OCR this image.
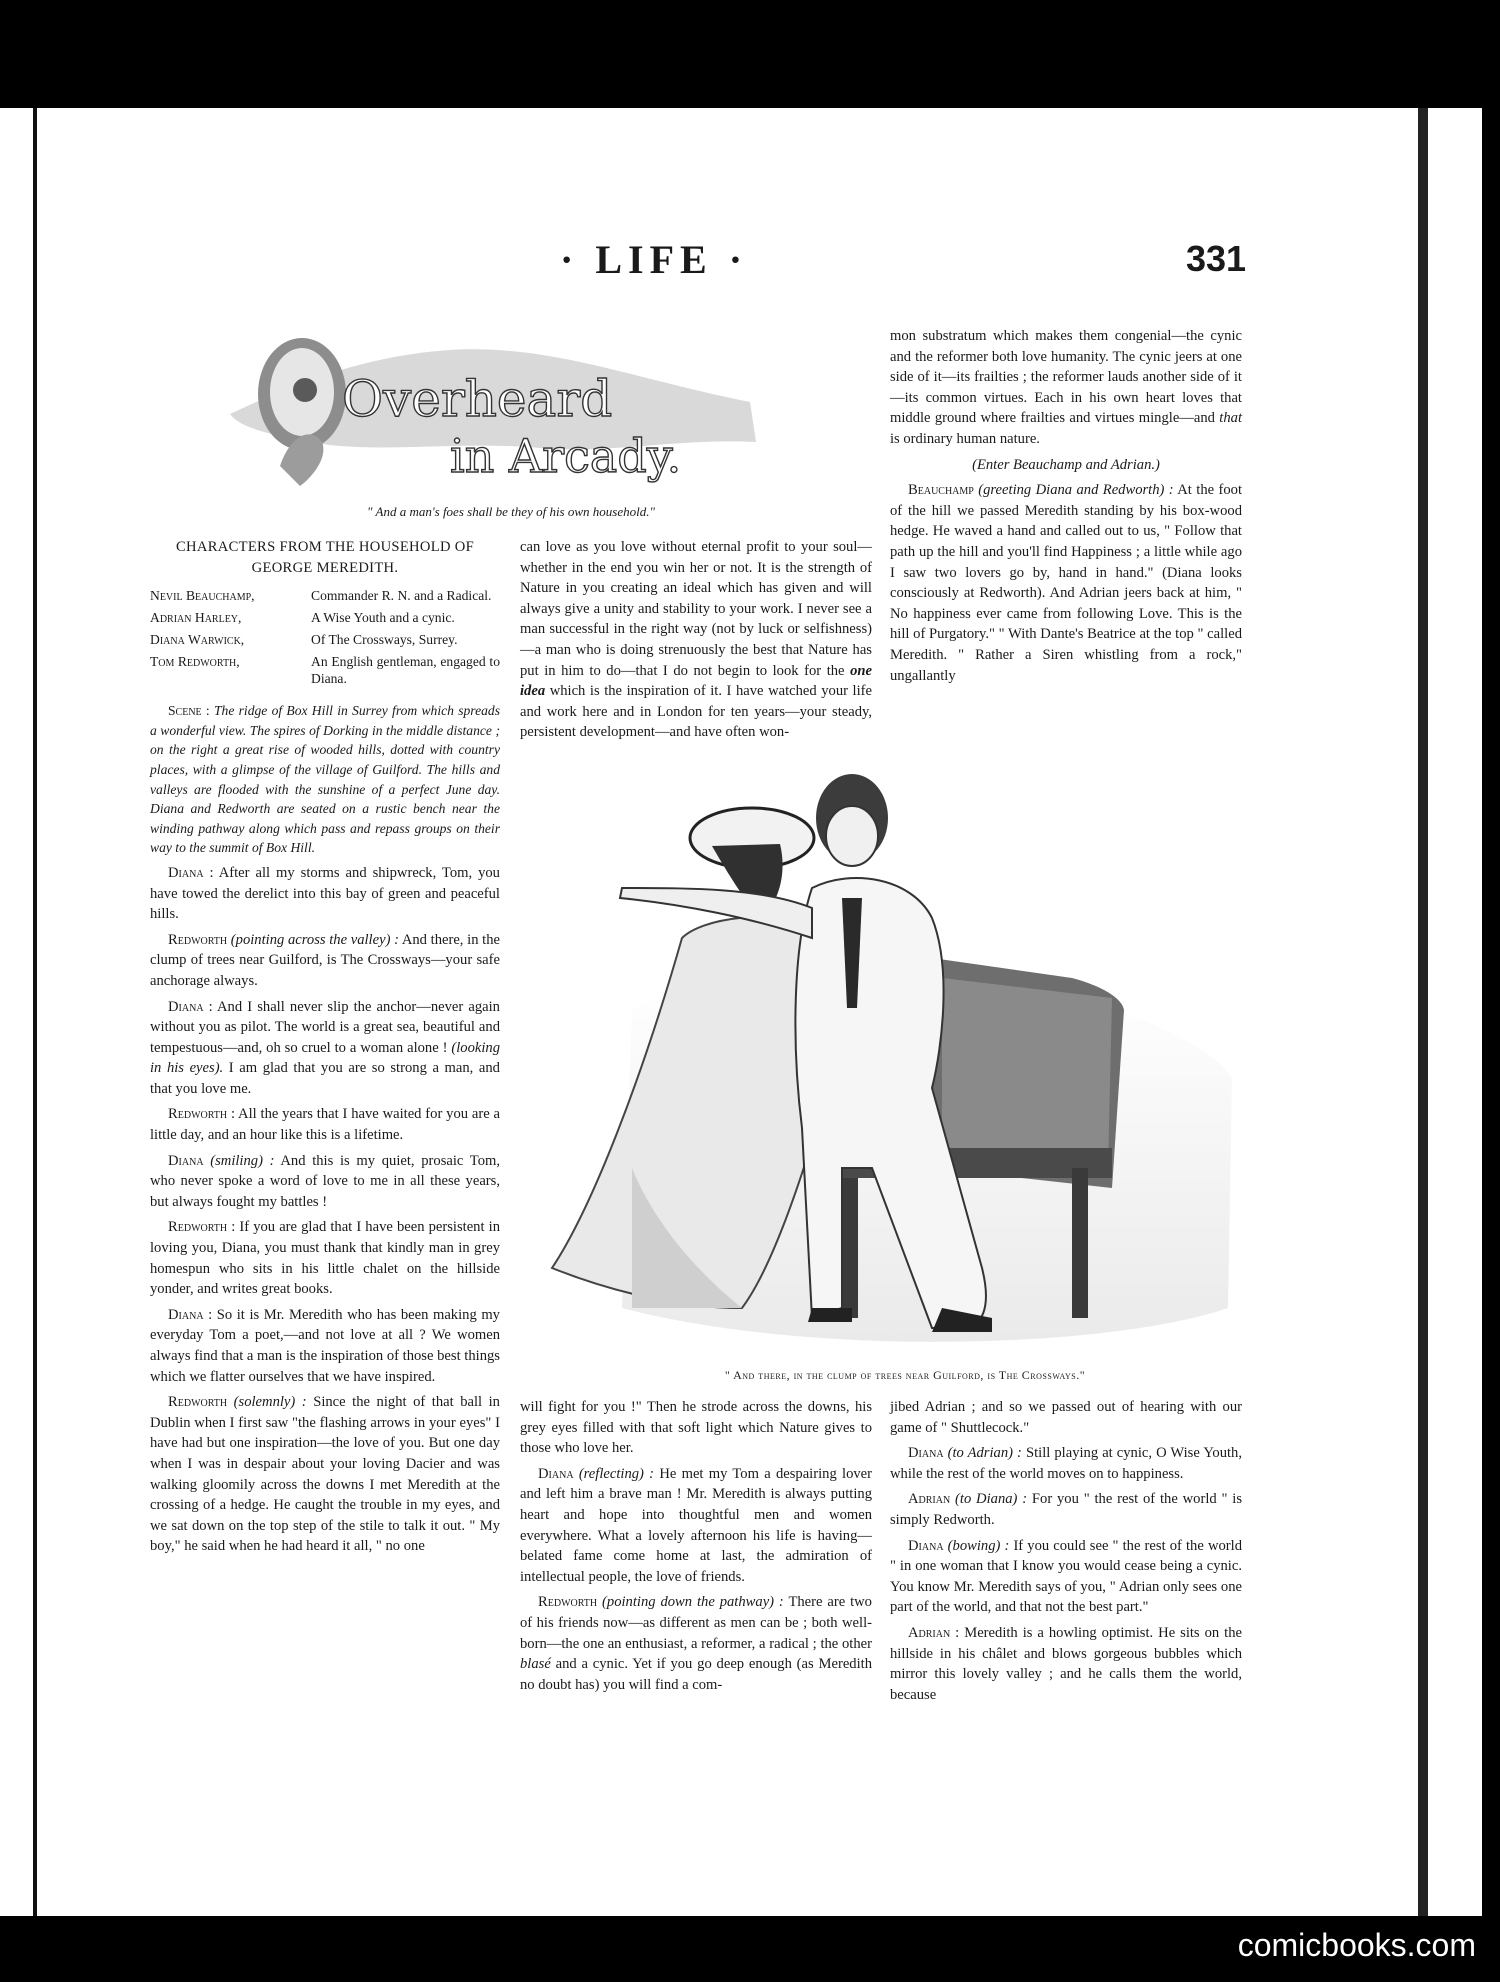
· LIFE ·	331
Overheard
in Arcady.
" And a man's foes shall be they of his own household."
CHARACTERS FROM THE HOUSEHOLD OF GEORGE MEREDITH.
Nevil Beauchamp,	Commander R. N. and a Radical.
Adrian Harley,	A Wise Youth and a cynic.
Diana Warwick,	Of The Crossways, Surrey.
Tom Redworth,	An English gentleman, engaged to Diana.

Scene : The ridge of Box Hill in Surrey from which spreads a wonderful view. The spires of Dorking in the middle distance ; on the right a great rise of wooded hills, dotted with country places, with a glimpse of the village of Guilford. The hills and valleys are flooded with the sunshine of a perfect June day. Diana and Redworth are seated on a rustic bench near the winding pathway along which pass and repass groups on their way to the summit of Box Hill.

Diana : After all my storms and shipwreck, Tom, you have towed the derelict into this bay of green and peaceful hills.

Redworth (pointing across the valley) : And there, in the clump of trees near Guilford, is The Crossways—your safe anchorage always.

Diana : And I shall never slip the anchor—never again without you as pilot. The world is a great sea, beautiful and tempestuous—and, oh so cruel to a woman alone ! (looking in his eyes). I am glad that you are so strong a man, and that you love me.

Redworth : All the years that I have waited for you are a little day, and an hour like this is a lifetime.

Diana (smiling) : And this is my quiet, prosaic Tom, who never spoke a word of love to me in all these years, but always fought my battles !

Redworth : If you are glad that I have been persistent in loving you, Diana, you must thank that kindly man in grey homespun who sits in his little chalet on the hillside yonder, and writes great books.

Diana : So it is Mr. Meredith who has been making my everyday Tom a poet,—and not love at all ? We women always find that a man is the inspiration of those best things which we flatter ourselves that we have inspired.

Redworth (solemnly) : Since the night of that ball in Dublin when I first saw "the flashing arrows in your eyes" I have had but one inspiration—the love of you. But one day when I was in despair about your loving Dacier and was walking gloomily across the downs I met Meredith at the crossing of a hedge. He caught the trouble in my eyes, and we sat down on the top step of the stile to talk it out. " My boy," he said when he had heard it all, " no one

can love as you love without eternal profit to your soul—whether in the end you win her or not. It is the strength of Nature in you creating an ideal which has given and will always give a unity and stability to your work. I never see a man successful in the right way (not by luck or selfishness)—a man who is doing strenuously the best that Nature has put in him to do—that I do not begin to look for the one idea which is the inspiration of it. I have watched your life and work here and in London for ten years—your steady, persistent development—and have often won-

" And there, in the clump of trees near Guilford, is The Crossways."

will fight for you !" Then he strode across the downs, his grey eyes filled with that soft light which Nature gives to those who love her.

Diana (reflecting) : He met my Tom a despairing lover and left him a brave man ! Mr. Meredith is always putting heart and hope into thoughtful men and women everywhere. What a lovely afternoon his life is having—belated fame come home at last, the admiration of intellectual people, the love of friends.

Redworth (pointing down the pathway) : There are two of his friends now—as different as men can be ; both well-born—the one an enthusiast, a reformer, a radical ; the other blasé and a cynic. Yet if you go deep enough (as Meredith no doubt has) you will find a com-

mon substratum which makes them congenial—the cynic and the reformer both love humanity. The cynic jeers at one side of it—its frailties ; the reformer lauds another side of it—its common virtues. Each in his own heart loves that middle ground where frailties and virtues mingle—and that is ordinary human nature.

(Enter Beauchamp and Adrian.)

Beauchamp (greeting Diana and Redworth) : At the foot of the hill we passed Meredith standing by his box-wood hedge. He waved a hand and called out to us, " Follow that path up the hill and you'll find Happiness ; a little while ago I saw two lovers go by, hand in hand." (Diana looks consciously at Redworth). And Adrian jeers back at him, " No happiness ever came from following Love. This is the hill of Purgatory." " With Dante's Beatrice at the top " called Meredith. " Rather a Siren whistling from a rock," ungallantly

jibed Adrian ; and so we passed out of hearing with our game of " Shuttlecock."

Diana (to Adrian) : Still playing at cynic, O Wise Youth, while the rest of the world moves on to happiness.

Adrian (to Diana) : For you " the rest of the world " is simply Redworth.

Diana (bowing) : If you could see " the rest of the world " in one woman that I know you would cease being a cynic. You know Mr. Meredith says of you, " Adrian only sees one part of the world, and that not the best part."

Adrian : Meredith is a howling optimist. He sits on the hillside in his châlet and blows gorgeous bubbles which mirror this lovely valley ; and he calls them the world, because

comicbooks.com
